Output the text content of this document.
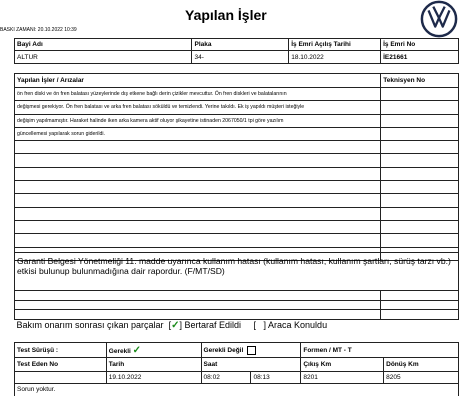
Yapılan İşler
BASKI ZAMANI: 20.10.2022 10:39
Bayi Adı	Plaka	İş Emri Açılış Tarihi	İş Emri No
ALTUR	34-	18.10.2022	İE21661
Yapılan İşler / Arızalar	Teknisyen No
ön fren diski ve ön fren balatası yüzeylerinde dış etkene bağlı derin çizikler mevcuttur. Ön fren diskleri ve balatalarının	
değişmesi gerekiyor. Ön fren balatası ve arka fren balatası söküldü ve temizlendi. Yerine takıldı. Ek iş yapıldı müşteri isteğiyle	
değişim yapılmamıştır. Haraket halinde iken arka kamera aktif oluyor şikayetine istinaden 2067050/1 tpi göre yazılım	
güncellemesi yapılarak sorun giderildi.	

Garanti Belgesi Yönetmeliği 11. madde uyarınca kullanım hatası (kullanım hatası, kullanım şartları, sürüş tarzı vb.) etkisi bulunup bulunmadığına dair rapordur. (F/MT/SD)	

Bakım onarım sonrası çıkan parçalar  [✓] Bertaraf Edildi     [   ] Araca Konuldu	
Test Sürüşü :	Gerekli ✓	Gerekli Değil		Formen / MT - T	
Test Eden No	Tarih	Saat		Çıkış Km	Dönüş Km
	19.10.2022	08:02	08:13	8201	8205
Sorun yoktur.					
